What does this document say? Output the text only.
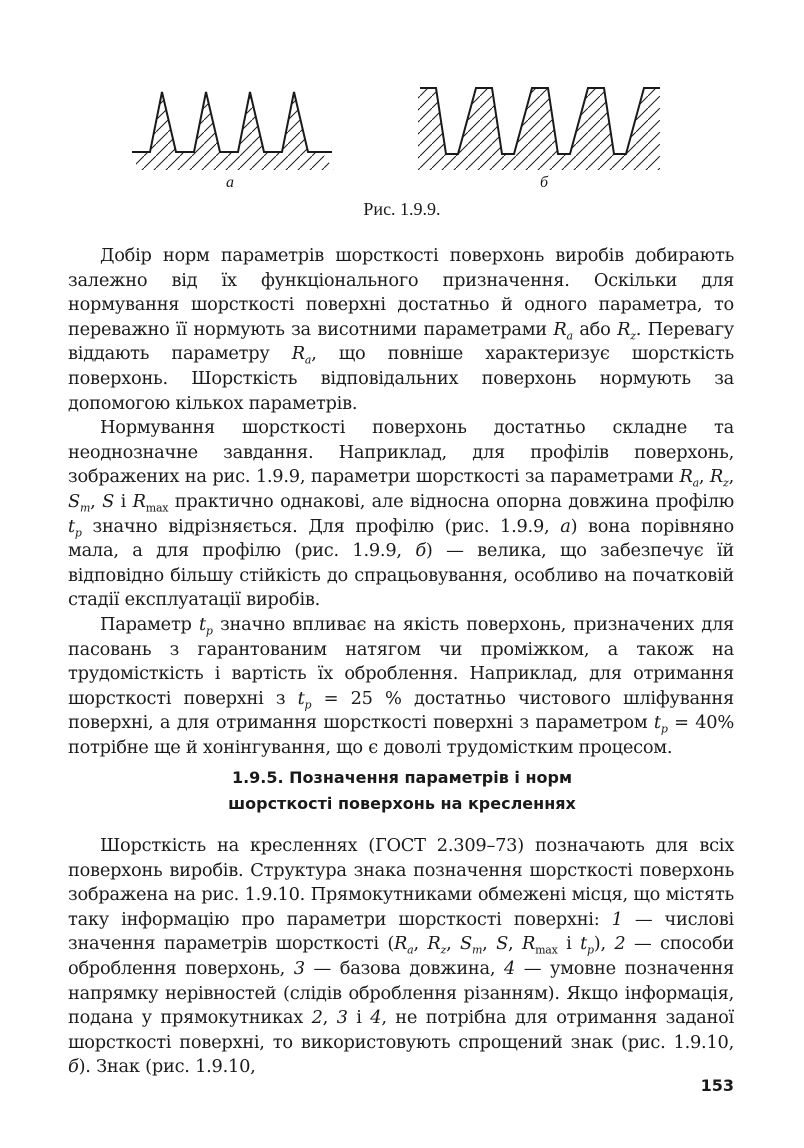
а	б
Рис. 1.9.9.

Добір норм параметрів шорсткості поверхонь виробів добирають залежно від їх функціонального призначення. Оскільки для нормування шорсткості поверхні достатньо й одного параметра, то переважно її нормують за висотними параметрами $R_a$ або $R_z$. Перевагу віддають параметру $R_a$, що повніше характеризує шорсткість поверхонь. Шорсткість відповідальних поверхонь нормують за допомогою кількох параметрів.

Нормування шорсткості поверхонь достатньо складне та неоднозначне завдання. Наприклад, для профілів поверхонь, зображених на рис. 1.9.9, параметри шорсткості за параметрами $R_a$, $R_z$, $S_m$, S і $R_{max}$ практично однакові, але відносна опорна довжина профілю $t_p$ значно відрізняється. Для профілю (рис. 1.9.9, а) вона порівняно мала, а для профілю (рис. 1.9.9, б) — велика, що забезпечує їй відповідно більшу стійкість до спрацьовування, особливо на початковій стадії експлуатації виробів.

Параметр $t_p$ значно впливає на якість поверхонь, призначених для пасовань з гарантованим натягом чи проміжком, а також на трудомісткість і вартість їх оброблення. Наприклад, для отримання шорсткості поверхні з $t_p = 25$ % достатньо чистового шліфування поверхні, а для отримання шорсткості поверхні з параметром $t_p = 40\%$ потрібне ще й хонінгування, що є доволі трудомістким процесом.

1.9.5. Позначення параметрів і норм
шорсткості поверхонь на кресленнях

Шорсткість на кресленнях (ГОСТ 2.309–73) позначають для всіх поверхонь виробів. Структура знака позначення шорсткості поверхонь зображена на рис. 1.9.10. Прямокутниками обмежені місця, що містять таку інформацію про параметри шорсткості поверхні: 1 — числові значення параметрів шорсткості ($R_a$, $R_z$, $S_m$, S, $R_{max}$ і $t_p$), 2 — способи оброблення поверхонь, 3 — базова довжина, 4 — умовне позначення напрямку нерівностей (слідів оброблення різанням). Якщо інформація, подана у прямокутниках 2, 3 і 4, не потрібна для отримання заданої шорсткості поверхні, то використовують спрощений знак (рис. 1.9.10, б). Знак (рис. 1.9.10,

153
